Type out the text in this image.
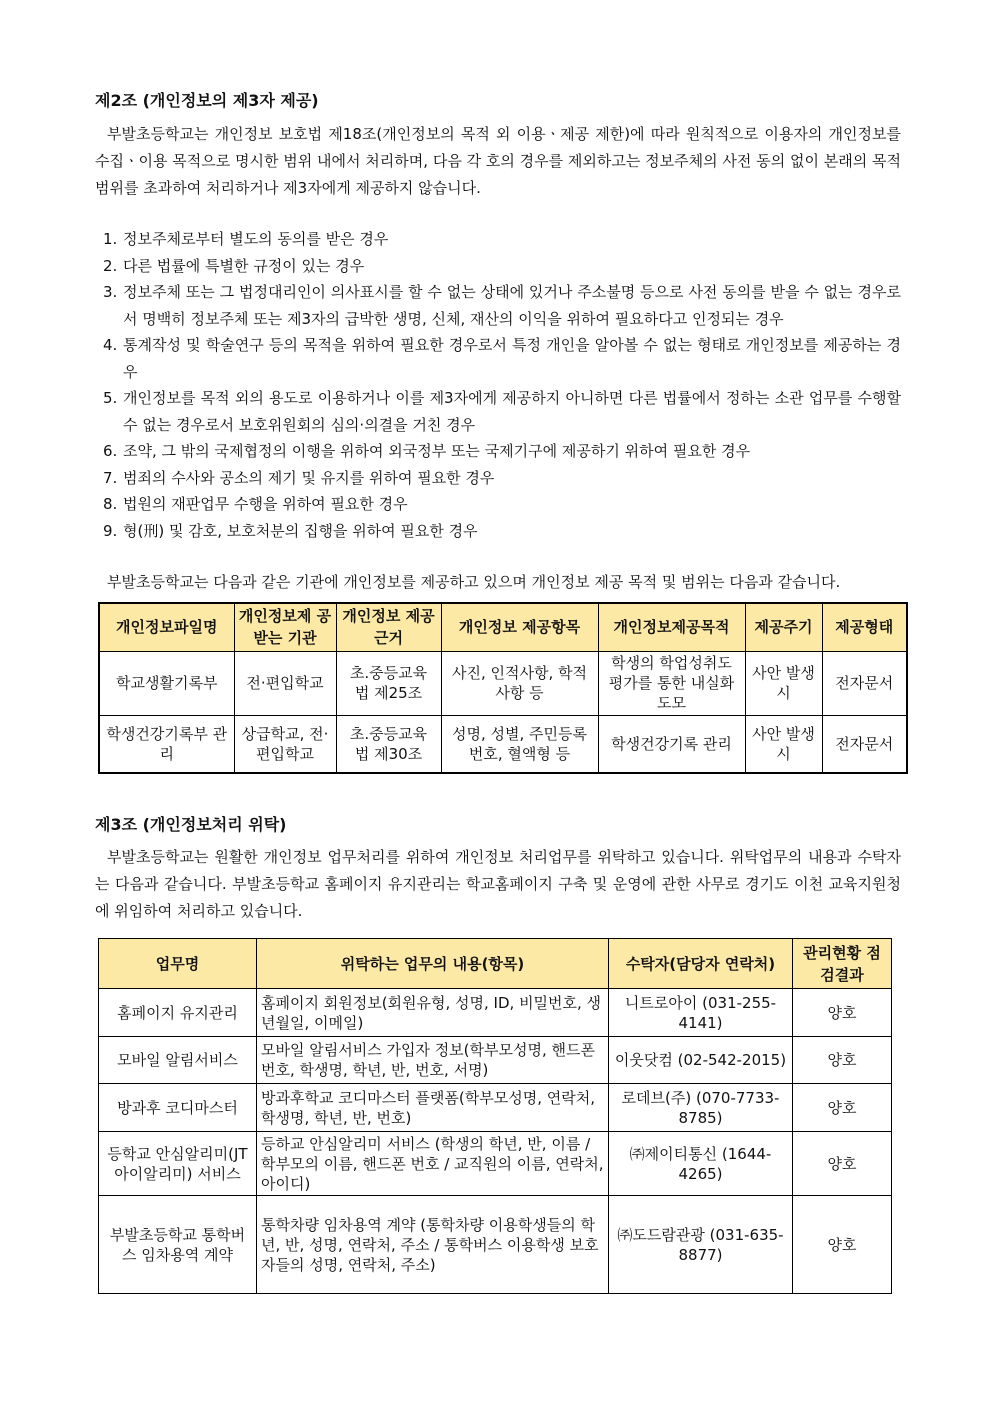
제2조 (개인정보의 제3자 제공)

부발초등학교는 개인정보 보호법 제18조(개인정보의 목적 외 이용ㆍ제공 제한)에 따라 원칙적으로 이용자의 개인정보를 수집ㆍ이용 목적으로 명시한 범위 내에서 처리하며, 다음 각 호의 경우를 제외하고는 정보주체의 사전 동의 없이 본래의 목적 범위를 초과하여 처리하거나 제3자에게 제공하지 않습니다.

1. 정보주체로부터 별도의 동의를 받은 경우
2. 다른 법률에 특별한 규정이 있는 경우
3. 정보주체 또는 그 법정대리인이 의사표시를 할 수 없는 상태에 있거나 주소불명 등으로 사전 동의를 받을 수 없는 경우로서 명백히 정보주체 또는 제3자의 급박한 생명, 신체, 재산의 이익을 위하여 필요하다고 인정되는 경우
4. 통계작성 및 학술연구 등의 목적을 위하여 필요한 경우로서 특정 개인을 알아볼 수 없는 형태로 개인정보를 제공하는 경우
5. 개인정보를 목적 외의 용도로 이용하거나 이를 제3자에게 제공하지 아니하면 다른 법률에서 정하는 소관 업무를 수행할 수 없는 경우로서 보호위원회의 심의·의결을 거친 경우
6. 조약, 그 밖의 국제협정의 이행을 위하여 외국정부 또는 국제기구에 제공하기 위하여 필요한 경우
7. 범죄의 수사와 공소의 제기 및 유지를 위하여 필요한 경우
8. 법원의 재판업무 수행을 위하여 필요한 경우
9. 형(刑) 및 감호, 보호처분의 집행을 위하여 필요한 경우

부발초등학교는 다음과 같은 기관에 개인정보를 제공하고 있으며 개인정보 제공 목적 및 범위는 다음과 같습니다.

개인정보파일명	개인정보제 공받는 기관	개인정보 제공근거	개인정보 제공항목	개인정보제공목적	제공주기	제공형태
학교생활기록부	전·편입학교	초.중등교육 법 제25조	사진, 인적사항, 학적사항 등	학생의 학업성취도 평가를 통한 내실화 도모	사안 발생시	전자문서
학생건강기록부 관리	상급학교, 전·편입학교	초.중등교육 법 제30조	성명, 성별, 주민등록번호, 혈액형 등	학생건강기록 관리	사안 발생시	전자문서
제3조 (개인정보처리 위탁)

부발초등학교는 원활한 개인정보 업무처리를 위하여 개인정보 처리업무를 위탁하고 있습니다. 위탁업무의 내용과 수탁자는 다음과 같습니다. 부발초등학교 홈페이지 유지관리는 학교홈페이지 구축 및 운영에 관한 사무로 경기도 이천 교육지원청에 위임하여 처리하고 있습니다.

업무명	위탁하는 업무의 내용(항목)	수탁자(담당자 연락처)	관리현황 점검결과
홈페이지 유지관리	홈페이지 회원정보(회원유형, 성명, ID, 비밀번호, 생년월일, 이메일)	니트로아이 (031-255-4141)	양호
모바일 알림서비스	모바일 알림서비스 가입자 정보(학부모성명, 핸드폰번호, 학생명, 학년, 반, 번호, 서명)	이웃닷컴 (02-542-2015)	양호
방과후 코디마스터	방과후학교 코디마스터 플랫폼(학부모성명, 연락처, 학생명, 학년, 반, 번호)	로데브(주) (070-7733-8785)	양호
등학교 안심알리미(JT아이알리미) 서비스	등하교 안심알리미 서비스 (학생의 학년, 반, 이름 / 학부모의 이름, 핸드폰 번호 / 교직원의 이름, 연락처, 아이디)	㈜제이티통신 (1644-4265)	양호
부발초등학교 통학버스 임차용역 계약	통학차량 임차용역 계약 (통학차량 이용학생들의 학년, 반, 성명, 연락처, 주소 / 통학버스 이용학생 보호자들의 성명, 연락처, 주소)	㈜도드람관광 (031-635-8877)	양호
